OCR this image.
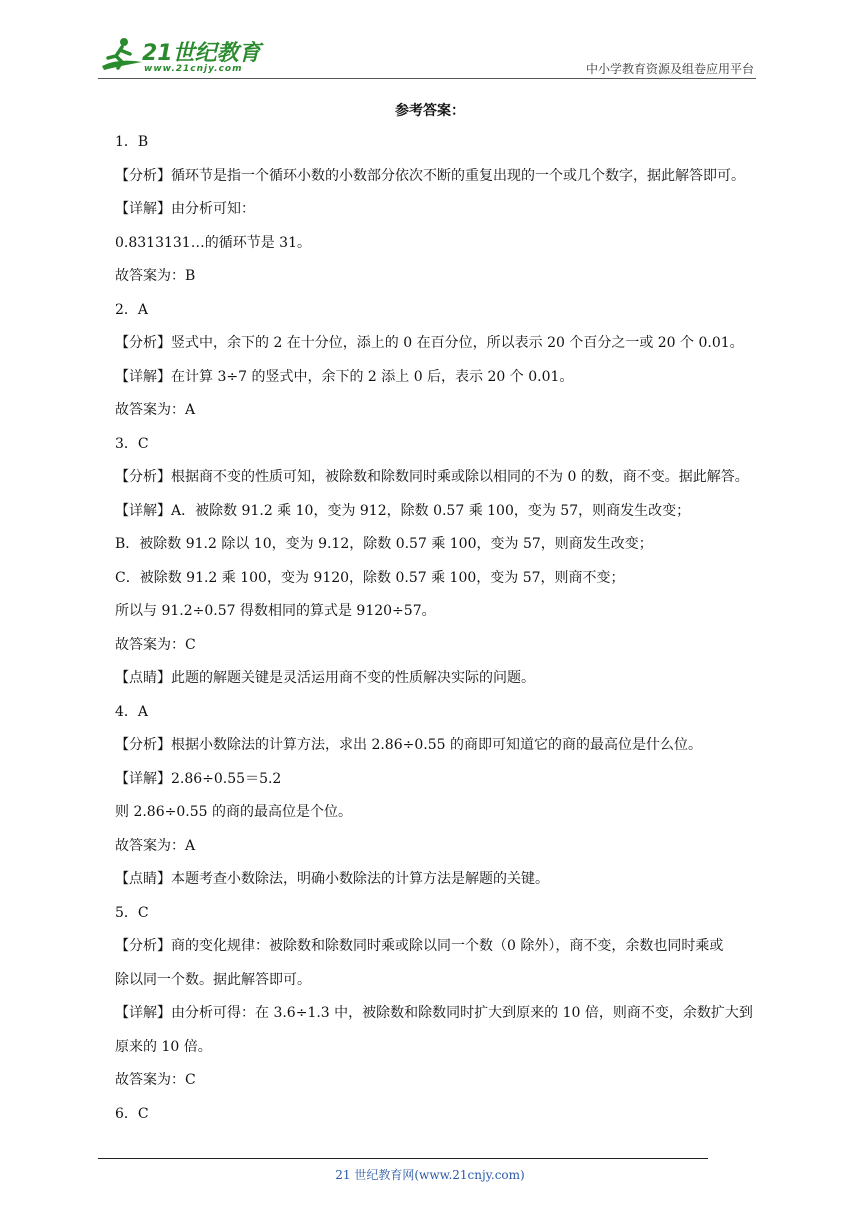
21世纪教育
www.21cnjy.com	中小学教育资源及组卷应用平台
参考答案：
1．B
【分析】循环节是指一个循环小数的小数部分依次不断的重复出现的一个或几个数字，据此解答即可。
【详解】由分析可知：
0.8313131…的循环节是 31。
故答案为：B
2．A
【分析】竖式中，余下的 2 在十分位，添上的 0 在百分位，所以表示 20 个百分之一或 20 个 0.01。
【详解】在计算 3÷7 的竖式中，余下的 2 添上 0 后，表示 20 个 0.01。
故答案为：A
3．C
【分析】根据商不变的性质可知，被除数和除数同时乘或除以相同的不为 0 的数，商不变。据此解答。
【详解】A．被除数 91.2 乘 10，变为 912，除数 0.57 乘 100，变为 57，则商发生改变；
B．被除数 91.2 除以 10，变为 9.12，除数 0.57 乘 100，变为 57，则商发生改变；
C．被除数 91.2 乘 100，变为 9120，除数 0.57 乘 100，变为 57，则商不变；
所以与 91.2÷0.57 得数相同的算式是 9120÷57。
故答案为：C
【点睛】此题的解题关键是灵活运用商不变的性质解决实际的问题。
4．A
【分析】根据小数除法的计算方法，求出 2.86÷0.55 的商即可知道它的商的最高位是什么位。
【详解】2.86÷0.55＝5.2
则 2.86÷0.55 的商的最高位是个位。
故答案为：A
【点睛】本题考查小数除法，明确小数除法的计算方法是解题的关键。
5．C
【分析】商的变化规律：被除数和除数同时乘或除以同一个数（0 除外），商不变，余数也同时乘或
除以同一个数。据此解答即可。
【详解】由分析可得：在 3.6÷1.3 中，被除数和除数同时扩大到原来的 10 倍，则商不变，余数扩大到
原来的 10 倍。
故答案为：C
6．C
21 世纪教育网(www.21cnjy.com)
